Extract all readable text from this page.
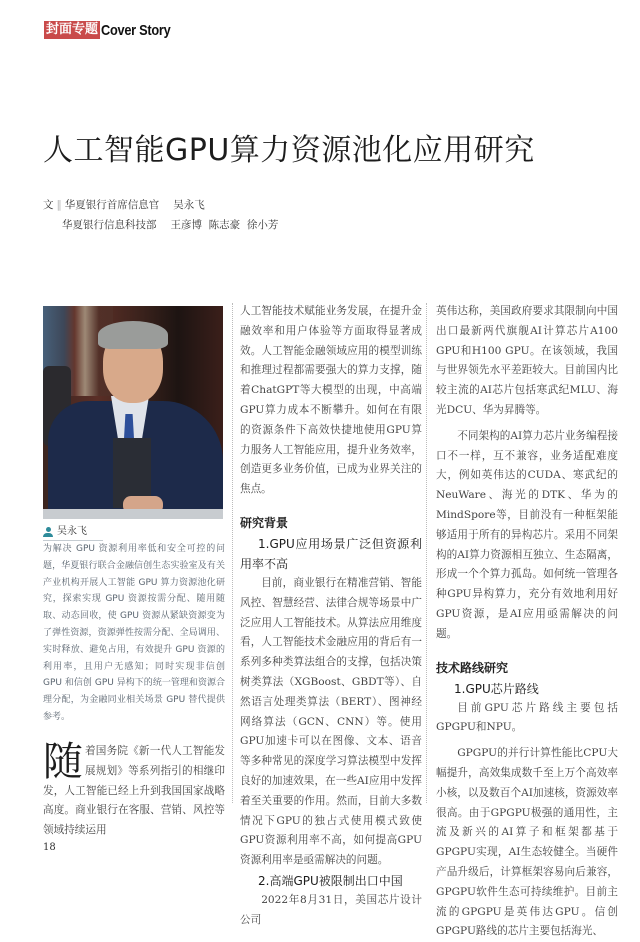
封面专题 Cover Story
人工智能GPU算力资源池化应用研究
文 ‖ 华夏银行首席信息官 吴永飞
华夏银行信息科技部 王彦博  陈志豪  徐小芳
吴永飞
为解决 GPU 资源利用率低和安全可控的问题，华夏银行联合金融信创生态实验室及有关产业机构开展人工智能 GPU 算力资源池化研究，探索实现 GPU 资源按需分配、随用随取、动态回收，使 GPU 资源从紧缺资源变为了弹性资源，资源弹性按需分配、全局调用、实时释放、避免占用，有效提升 GPU 资源的利用率，且用户无感知；同时实现非信创 GPU 和信创 GPU 异构下的统一管理和资源合理分配，为金融同业相关场景 GPU 替代提供参考。
随着国务院《新一代人工智能发展规划》等系列指引的相继印发，人工智能已经上升到我国国家战略高度。商业银行在客服、营销、风控等领域持续运用

人工智能技术赋能业务发展，在提升金融效率和用户体验等方面取得显著成效。人工智能金融领域应用的模型训练和推理过程都需要强大的算力支撑，随着ChatGPT等大模型的出现，中高端GPU算力成本不断攀升。如何在有限的资源条件下高效快捷地使用GPU算力服务人工智能应用，提升业务效率，创造更多业务价值，已成为业界关注的焦点。

研究背景
1.GPU应用场景广泛但资源利用率不高

目前，商业银行在精准营销、智能风控、智慧经营、法律合规等场景中广泛应用人工智能技术。从算法应用维度看，人工智能技术金融应用的背后有一系列多种类算法组合的支撑，包括决策树类算法（XGBoost、GBDT等）、自然语言处理类算法（BERT）、图神经网络算法（GCN、CNN）等。使用GPU加速卡可以在图像、文本、语音等多种常见的深度学习算法模型中发挥良好的加速效果，在一些AI应用中发挥着至关重要的作用。然而，目前大多数情况下GPU的独占式使用模式致使GPU资源利用率不高，如何提高GPU资源利用率是亟需解决的问题。

2.高端GPU被限制出口中国

2022年8月31日，美国芯片设计公司

英伟达称，美国政府要求其限制向中国出口最新两代旗舰AI计算芯片A100 GPU和H100 GPU。在该领域，我国与世界领先水平差距较大。目前国内比较主流的AI芯片包括寒武纪MLU、海光DCU、华为昇腾等。

不同架构的AI算力芯片业务编程接口不一样，互不兼容，业务适配难度大，例如英伟达的CUDA、寒武纪的NeuWare、海光的DTK、华为的MindSpore等，目前没有一种框架能够适用于所有的异构芯片。采用不同架构的AI算力资源相互独立、生态隔离，形成一个个算力孤岛。如何统一管理各种GPU异构算力，充分有效地利用好GPU资源，是AI应用亟需解决的问题。

技术路线研究
1.GPU芯片路线

目前GPU芯片路线主要包括GPGPU和NPU。

GPGPU的并行计算性能比CPU大幅提升，高效集成数千至上万个高效率小核，以及数百个AI加速核，资源效率很高。由于GPGPU极强的通用性，主流及新兴的AI算子和框架都基于GPGPU实现，AI生态较健全。当硬件产品升级后，计算框架容易向后兼容，GPGPU软件生态可持续维护。目前主流的GPGPU是英伟达GPU。信创GPGPU路线的芯片主要包括海光、

18
